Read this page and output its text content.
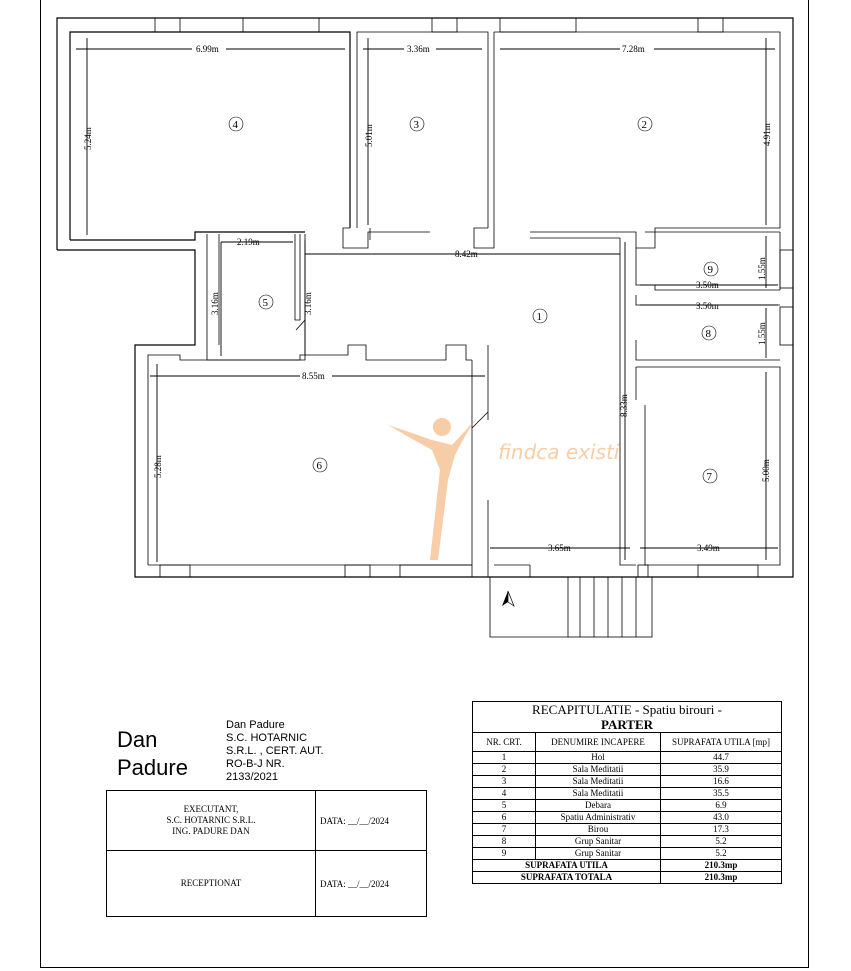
findca existi
6.99m
5.24m
3.36m
5.01m
7.28m
4.91m
2.19m
3.16m	3.16m
8.42m
8.33m
3.50m
1.55m
3.50m
1.55m
8.55m
5.28m
3.65m	3.49m
5.00m
1
2
3
4
5
6
7
8
9
Dan
Padure
Dan Padure
S.C. HOTARNIC
S.R.L. , CERT. AUT.
RO-B-J NR.
2133/2021
EXECUTANT,
S.C. HOTARNIC S.R.L.
ING. PADURE DAN	DATA: __/__/2024
RECEPTIONAT	DATA: __/__/2024
RECAPITULATIE - Spatiu birouri -
PARTER		
NR. CRT.	DENUMIRE INCAPERE	SUPRAFATA UTILA [mp]
1	Hol	44.7
2	Sala Meditatii	35.9
3	Sala Meditatii	16.6
4	Sala Meditatii	35.5
5	Debara	6.9
6	Spatiu Administrativ	43.0
7	Birou	17.3
8	Grup Sanitar	5.2
9	Grup Sanitar	5.2
SUPRAFATA UTILA		210.3mp
SUPRAFATA TOTALA		210.3mp
